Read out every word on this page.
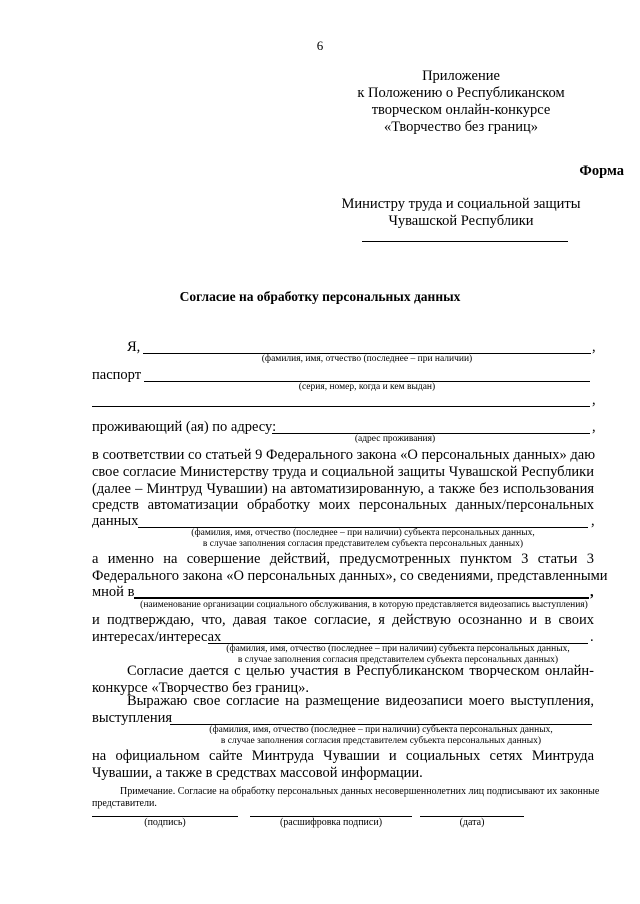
6
Приложение
к Положению о Республиканском
творческом онлайн-конкурсе
«Творчество без границ»
Форма
Министру труда и социальной защиты
Чувашской Республики
Согласие на обработку персональных данных
Я,	,
(фамилия, имя, отчество (последнее – при наличии)
паспорт
(серия, номер, когда и кем выдан)
,
проживающий (ая) по адресу:	,
(адрес проживания)
в соответствии со статьей 9 Федерального закона «О персональных данных» даю
свое согласие Министерству труда и социальной защиты Чувашской Республики
(далее – Минтруд Чувашии) на автоматизированную, а также без использования
средств автоматизации обработку моих персональных данных/персональных
данных	,
(фамилия, имя, отчество (последнее – при наличии) субъекта персональных данных,
в случае заполнения согласия представителем субъекта персональных данных)
а именно на совершение действий, предусмотренных пунктом 3 статьи 3
Федерального закона «О персональных данных», со сведениями, представленными
мной в	,
(наименование организации социального обслуживания, в которую представляется видеозапись выступления)
и подтверждаю, что, давая такое согласие, я действую осознанно и в своих
интересах/интересах	.
(фамилия, имя, отчество (последнее – при наличии) субъекта персональных данных,
в случае заполнения согласия представителем субъекта персональных данных)
Согласие дается с целью участия в Республиканском творческом онлайн-
конкурсе «Творчество без границ».
Выражаю свое согласие на размещение видеозаписи моего выступления,
выступления
(фамилия, имя, отчество (последнее – при наличии) субъекта персональных данных,
в случае заполнения согласия представителем субъекта персональных данных)
на официальном сайте Минтруда Чувашии и социальных сетях Минтруда
Чувашии, а также в средствах массовой информации.
Примечание. Согласие на обработку персональных данных несовершеннолетних лиц подписывают их законные
представители.
(подпись)	(расшифровка подписи)	(дата)
